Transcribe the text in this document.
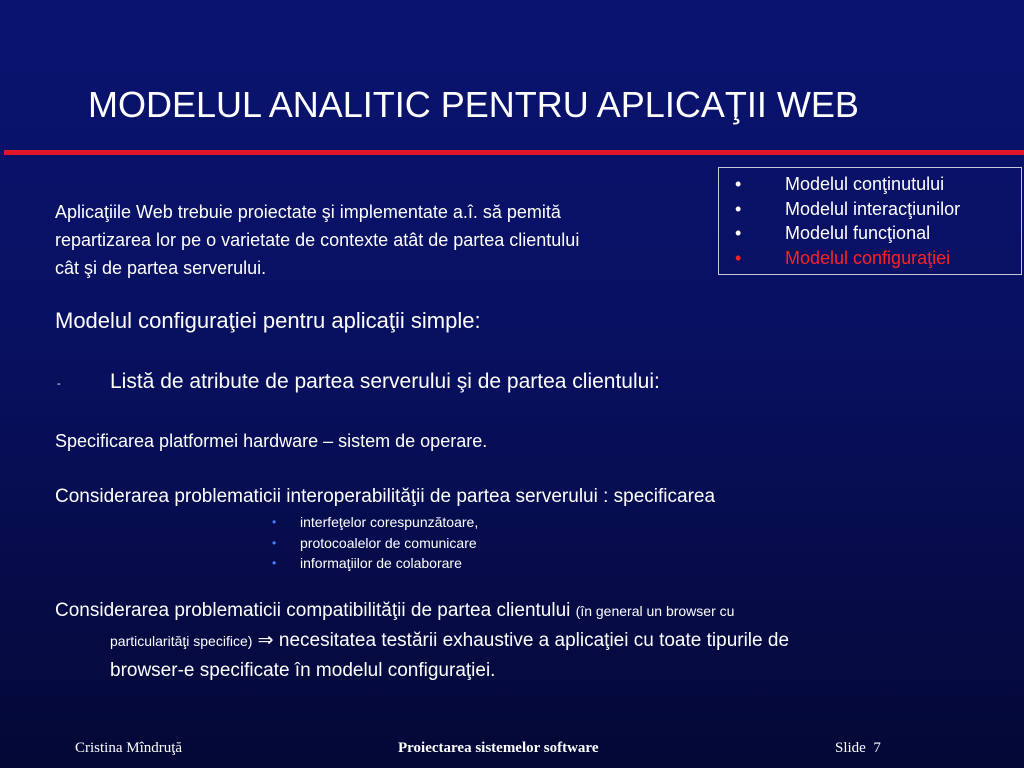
MODELUL ANALITIC PENTRU APLICAŢII WEB
•	Modelul conţinutului
•	Modelul interacţiunilor
•	Modelul funcţional
•	Modelul configuraţiei
Aplicaţiile Web trebuie proiectate şi implementate a.î. să pemită
repartizarea lor pe o varietate de contexte atât de partea clientului
cât şi de partea serverului.
Modelul configuraţiei pentru aplicaţii simple:
- Listă de atribute de partea serverului şi de partea clientului:
Specificarea platformei hardware – sistem de operare.
Considerarea problematicii interoperabilităţii de partea serverului : specificarea
•	interfeţelor corespunzătoare,
•	protocoalelor de comunicare
•	informaţiilor de colaborare
Considerarea problematicii compatibilităţii de partea clientului (în general un browser cu
particularităţi specifice) ⇒ necesitatea testării exhaustive a aplicaţiei cu toate tipurile de
browser-e specificate în modelul configuraţiei.
Cristina Mîndruţă	Proiectarea sistemelor software	Slide 7
